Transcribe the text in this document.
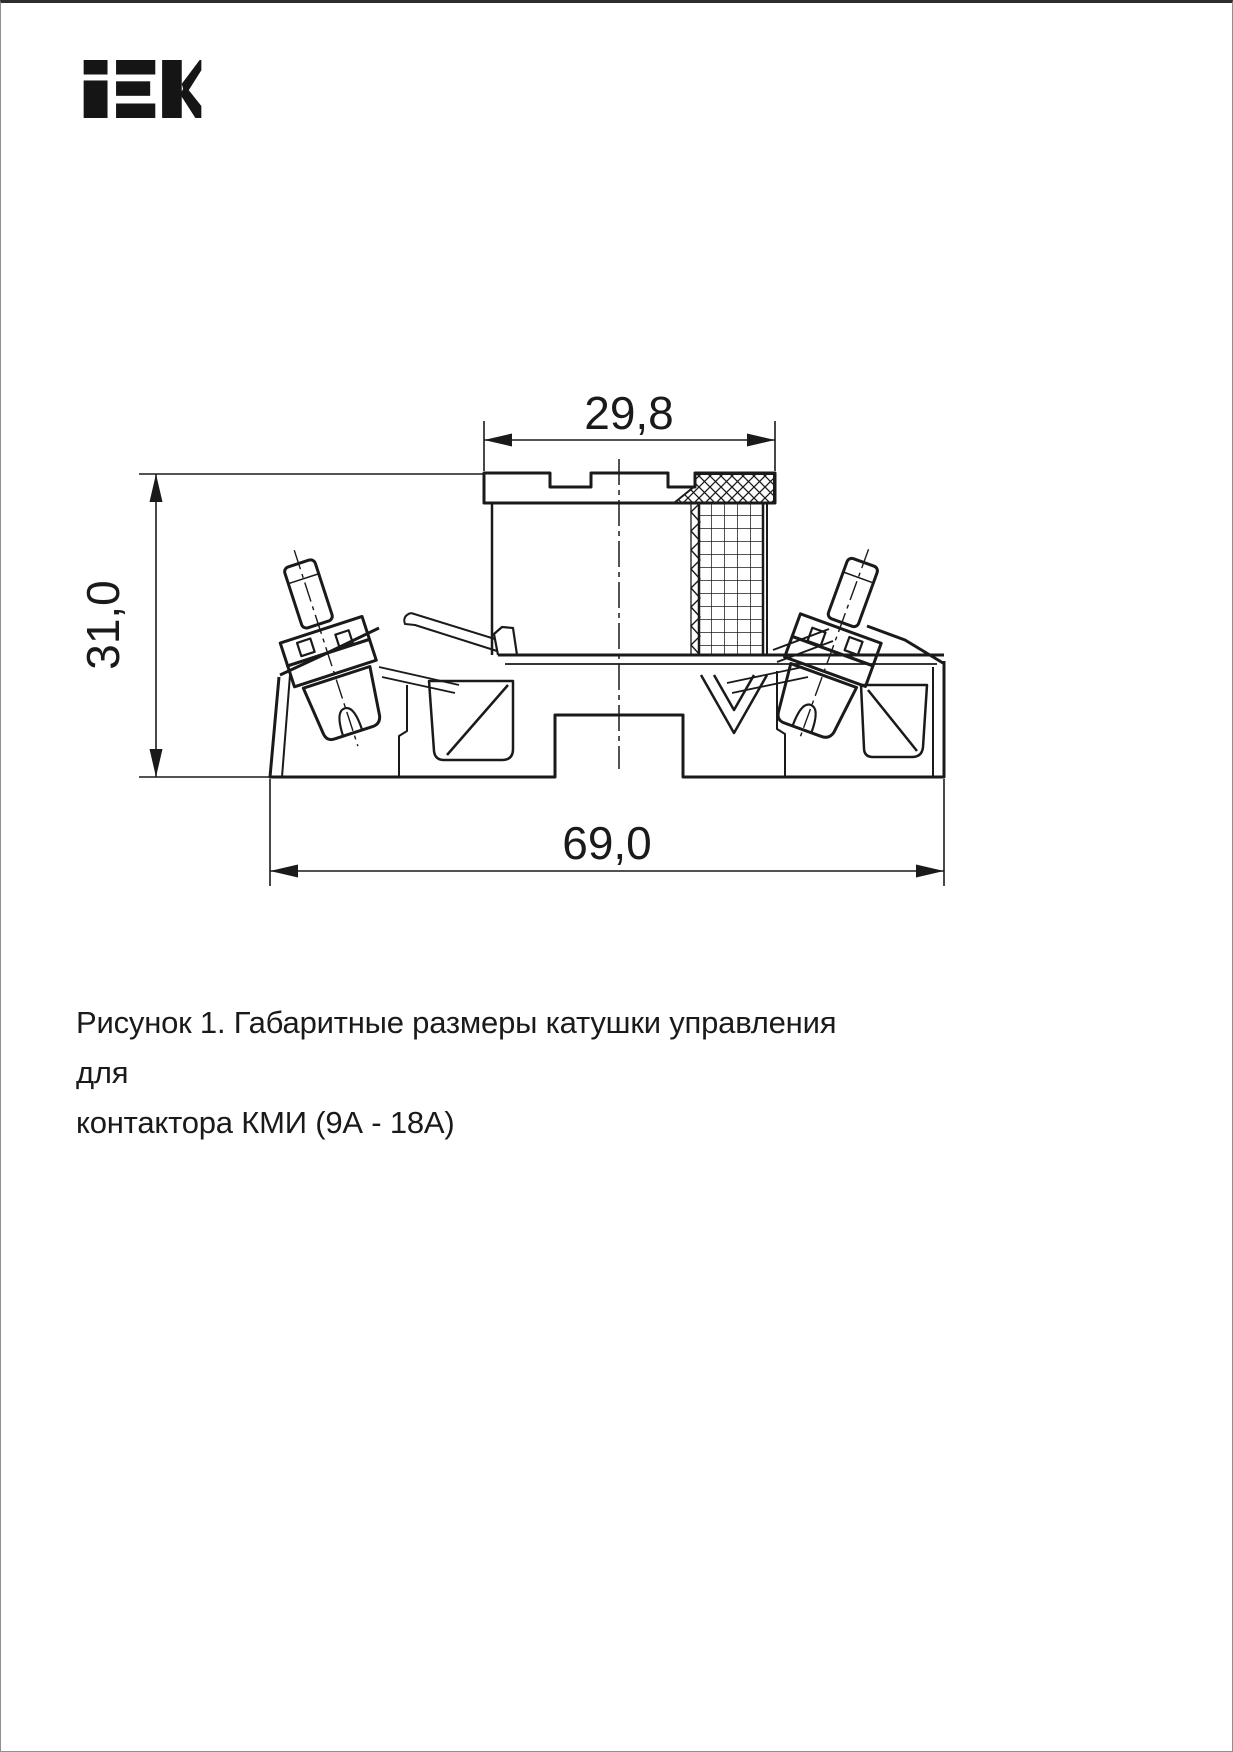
29,8
31,0
69,0
Рисунок 1. Габаритные размеры катушки управления для
контактора КМИ (9А - 18А)
